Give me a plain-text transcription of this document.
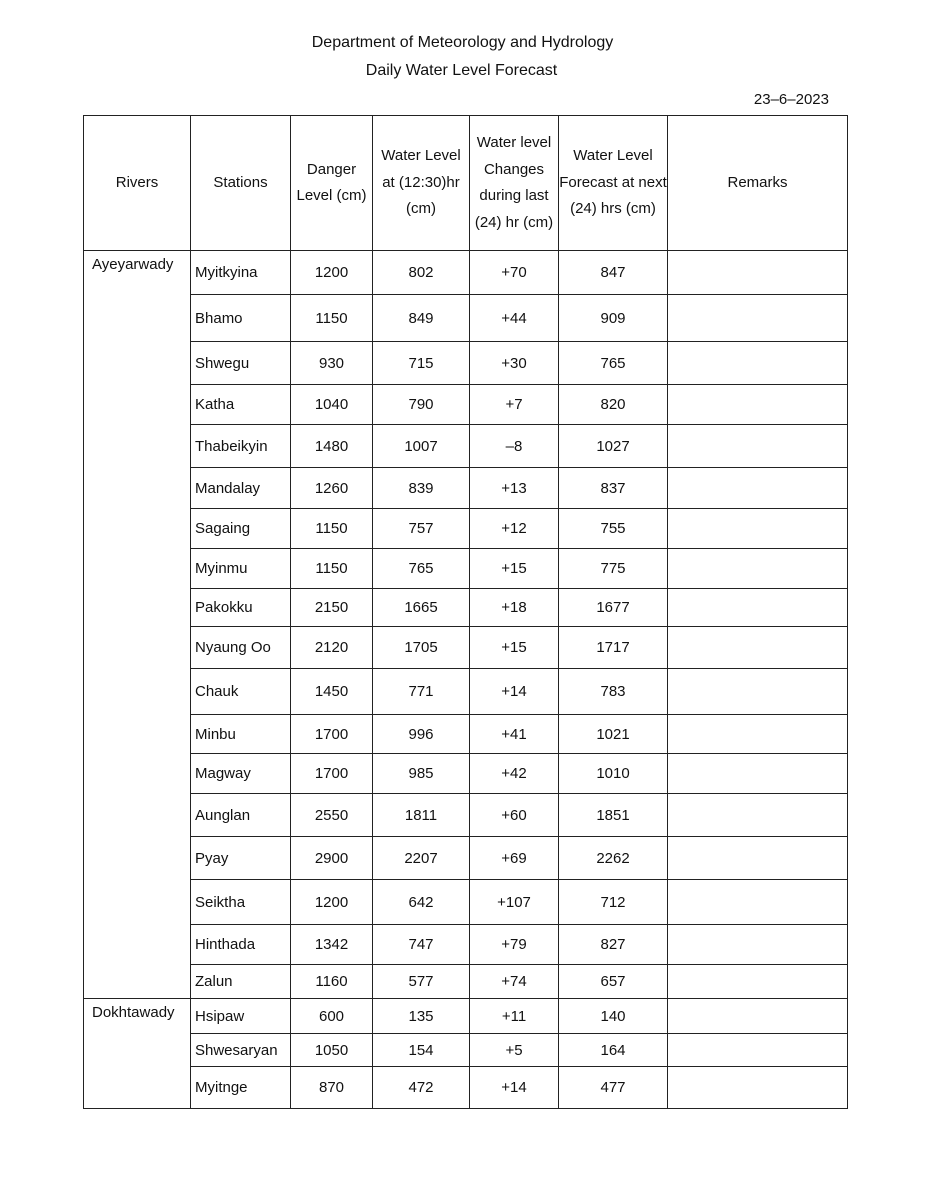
Department of Meteorology and Hydrology
Daily Water Level Forecast
23–6–2023
Rivers	Stations	Danger Level (cm)	Water Level at (12:30)hr (cm)	Water level Changes during last (24) hr (cm)	Water Level Forecast at next (24) hrs (cm)	Remarks
Ayeyarwady	Myitkyina	1200	802	+70	847	
	Bhamo	1150	849	+44	909	
	Shwegu	930	715	+30	765	
	Katha	1040	790	+7	820	
	Thabeikyin	1480	1007	–8	1027	
	Mandalay	1260	839	+13	837	
	Sagaing	1150	757	+12	755	
	Myinmu	1150	765	+15	775	
	Pakokku	2150	1665	+18	1677	
	Nyaung Oo	2120	1705	+15	1717	
	Chauk	1450	771	+14	783	
	Minbu	1700	996	+41	1021	
	Magway	1700	985	+42	1010	
	Aunglan	2550	1811	+60	1851	
	Pyay	2900	2207	+69	2262	
	Seiktha	1200	642	+107	712	
	Hinthada	1342	747	+79	827	
	Zalun	1160	577	+74	657	
Dokhtawady	Hsipaw	600	135	+11	140	
	Shwesaryan	1050	154	+5	164	
	Myitnge	870	472	+14	477	
